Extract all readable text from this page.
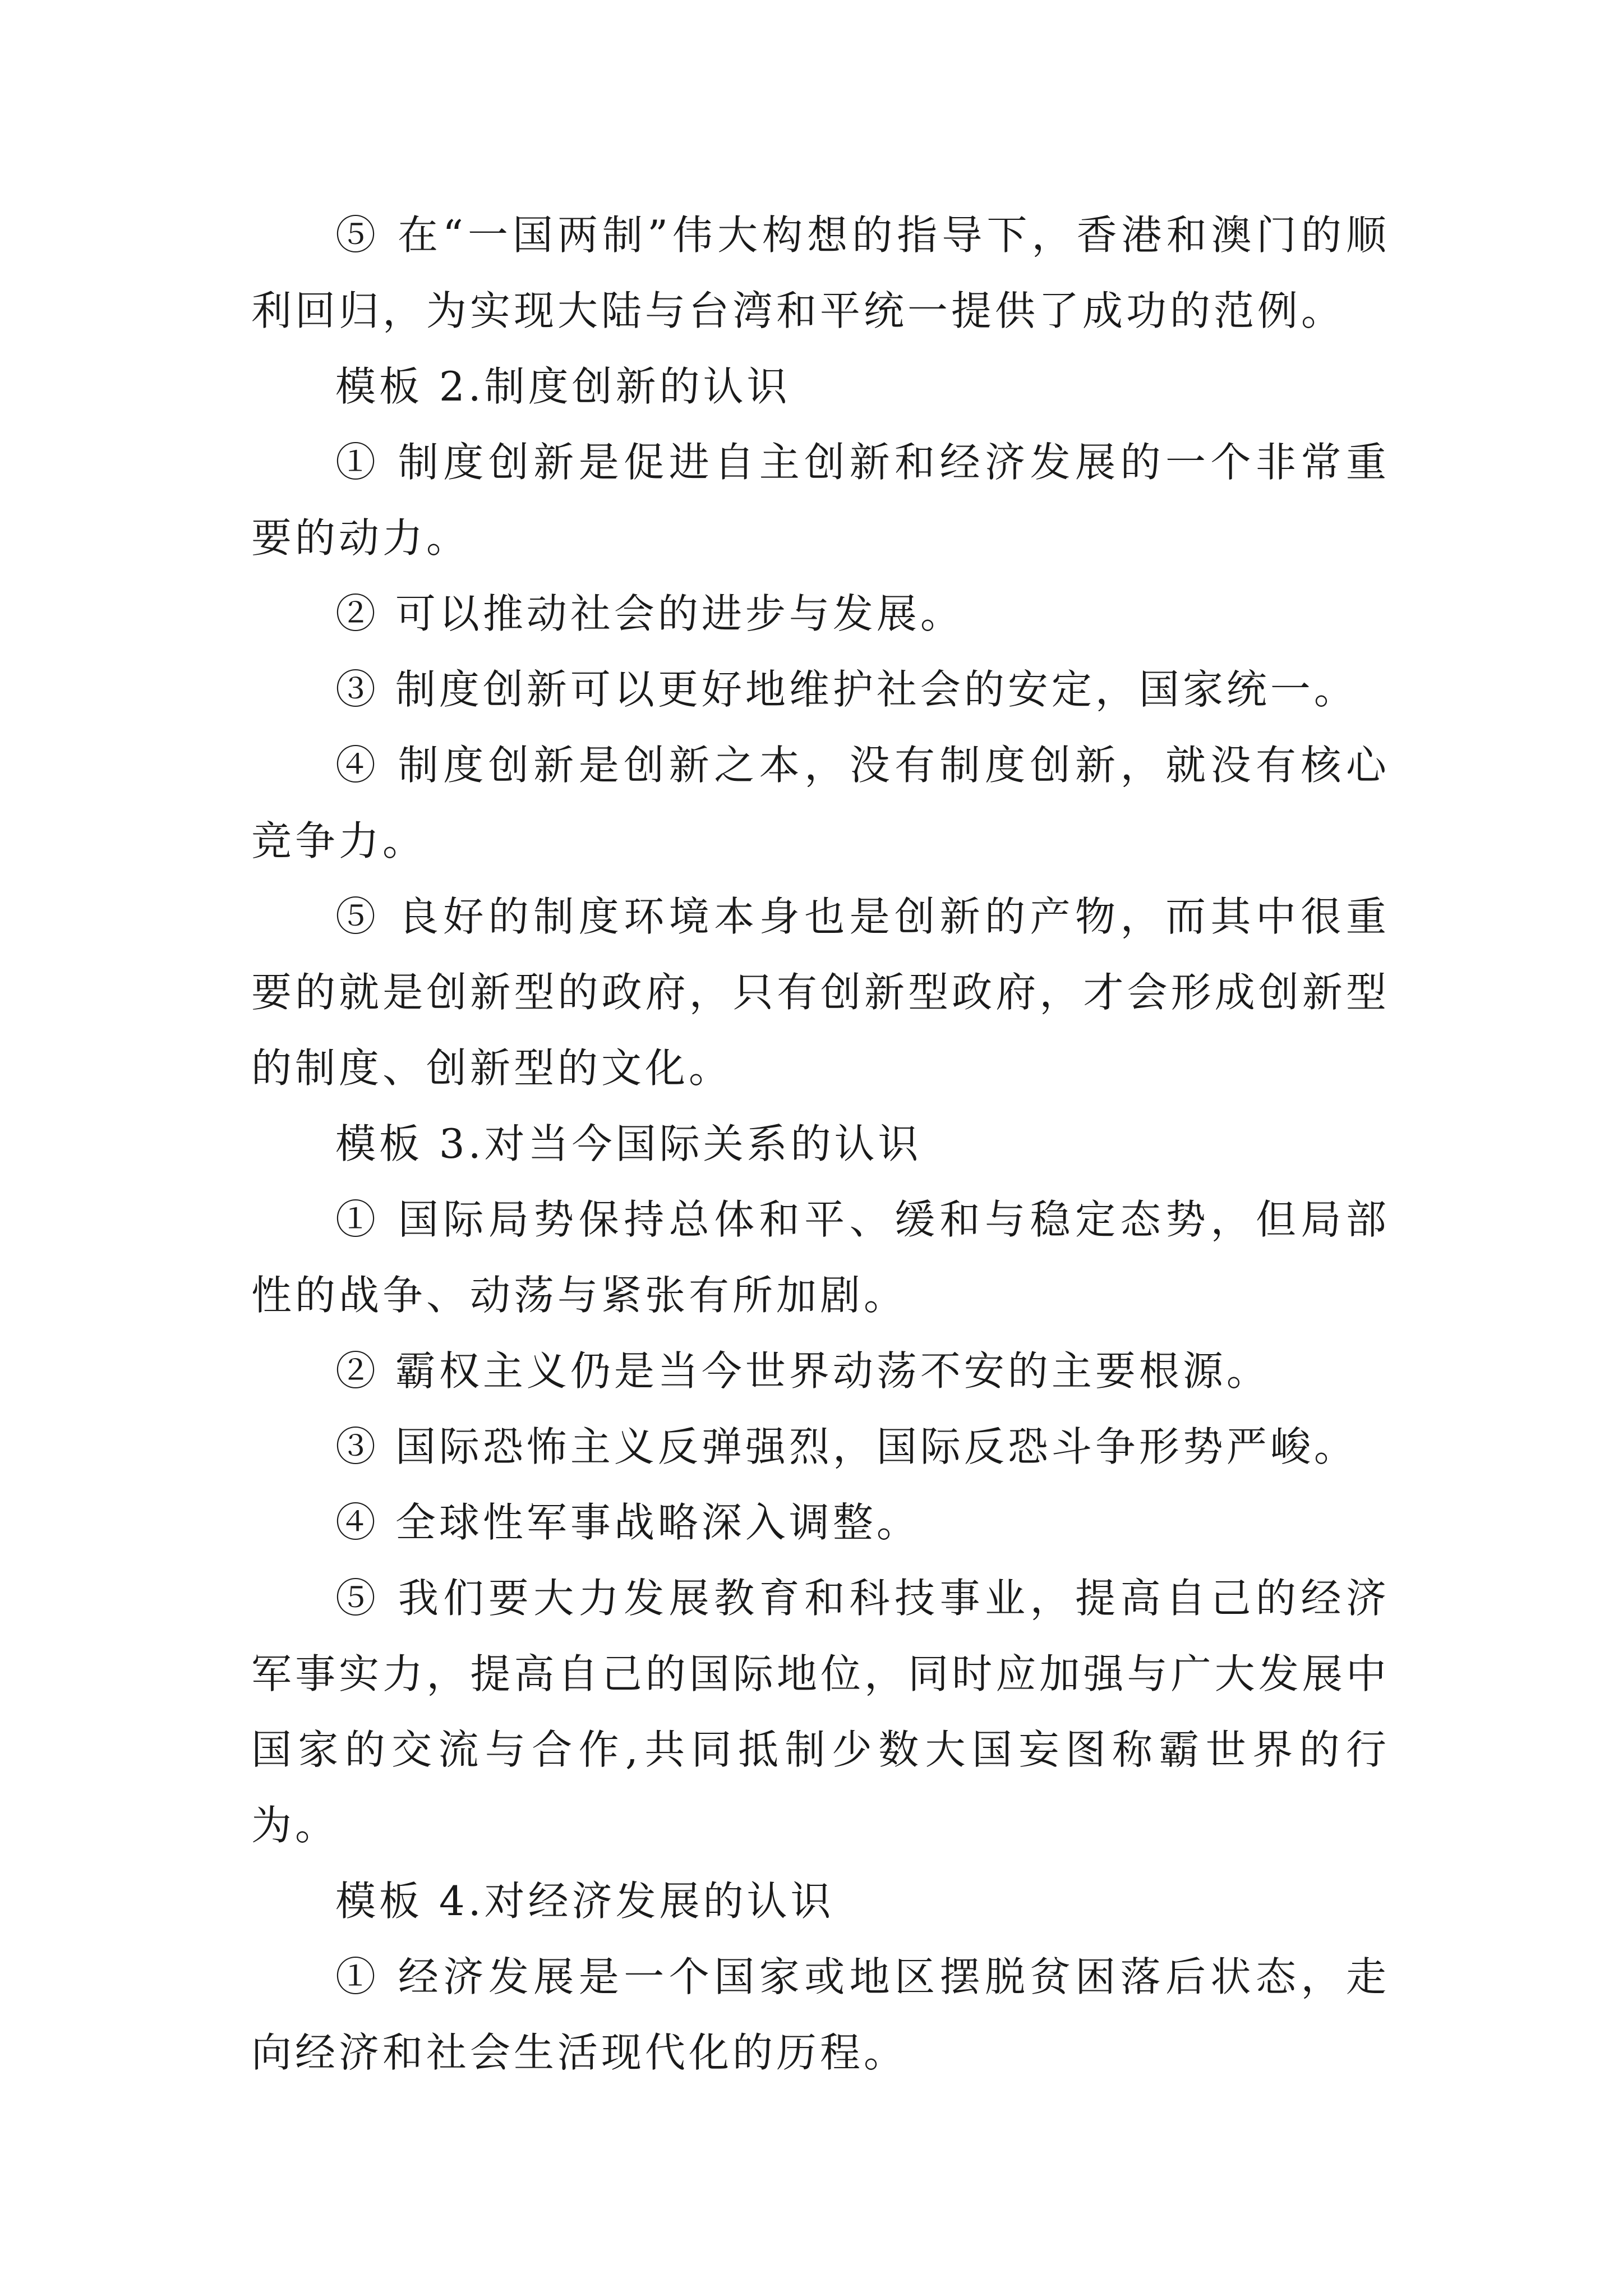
⑤ 在“一国两制”伟大构想的指导下，香港和澳门的顺利回归，为实现大陆与台湾和平统一提供了成功的范例。

模板 2.制度创新的认识

① 制度创新是促进自主创新和经济发展的一个非常重要的动力。

② 可以推动社会的进步与发展。

③ 制度创新可以更好地维护社会的安定，国家统一。

④ 制度创新是创新之本，没有制度创新，就没有核心竞争力。

⑤ 良好的制度环境本身也是创新的产物，而其中很重要的就是创新型的政府，只有创新型政府，才会形成创新型的制度、创新型的文化。

模板 3.对当今国际关系的认识

① 国际局势保持总体和平、缓和与稳定态势，但局部性的战争、动荡与紧张有所加剧。

② 霸权主义仍是当今世界动荡不安的主要根源。

③ 国际恐怖主义反弹强烈，国际反恐斗争形势严峻。

④ 全球性军事战略深入调整。

⑤ 我们要大力发展教育和科技事业，提高自己的经济军事实力，提高自己的国际地位，同时应加强与广大发展中国家的交流与合作,共同抵制少数大国妄图称霸世界的行为。

模板 4.对经济发展的认识

① 经济发展是一个国家或地区摆脱贫困落后状态，走向经济和社会生活现代化的历程。
